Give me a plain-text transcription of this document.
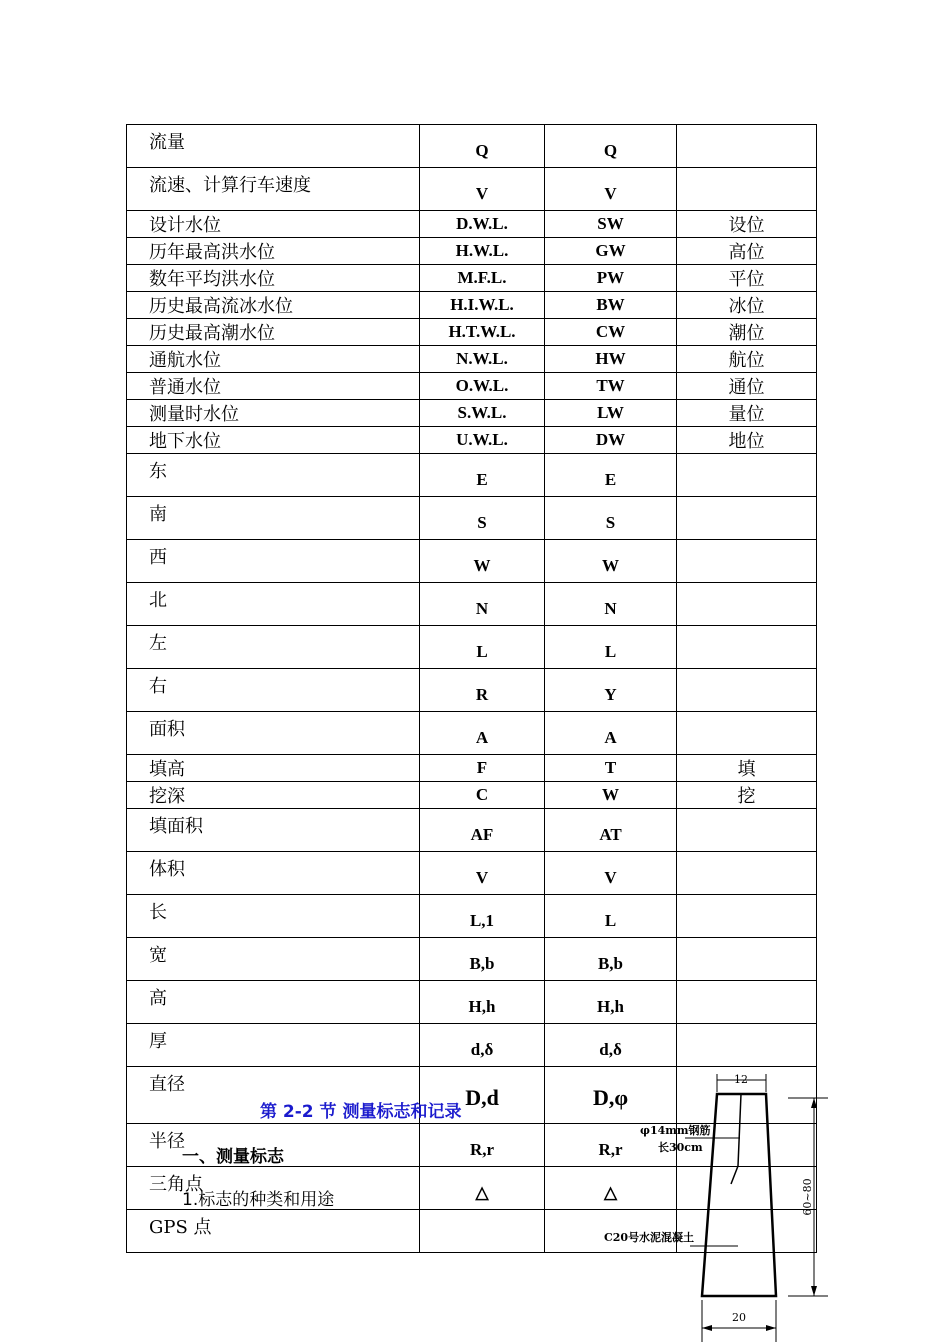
流量	Q	Q	
流速、计算行车速度	V	V	
设计水位	D.W.L.	SW	设位
历年最高洪水位	H.W.L.	GW	高位
数年平均洪水位	M.F.L.	PW	平位
历史最高流冰水位	H.I.W.L.	BW	冰位
历史最高潮水位	H.T.W.L.	CW	潮位
通航水位	N.W.L.	HW	航位
普通水位	O.W.L.	TW	通位
测量时水位	S.W.L.	LW	量位
地下水位	U.W.L.	DW	地位
东	E	E	
南	S	S	
西	W	W	
北	N	N	
左	L	L	
右	R	Y	
面积	A	A	
填高	F	T	填
挖深	C	W	挖
填面积	AF	AT	
体积	V	V	
长	L,1	L	
宽	B,b	B,b	
高	H,h	H,h	
厚	d,δ	d,δ	
直径	D,d	D,φ	
半径	R,r	R,r	
三角点	△	△	
GPS 点			
第 2-2 节 测量标志和记录
一、测量标志
1.标志的种类和用途
12
φ14mm钢筋
长30cm
C20号水泥混凝土
60~80
20
